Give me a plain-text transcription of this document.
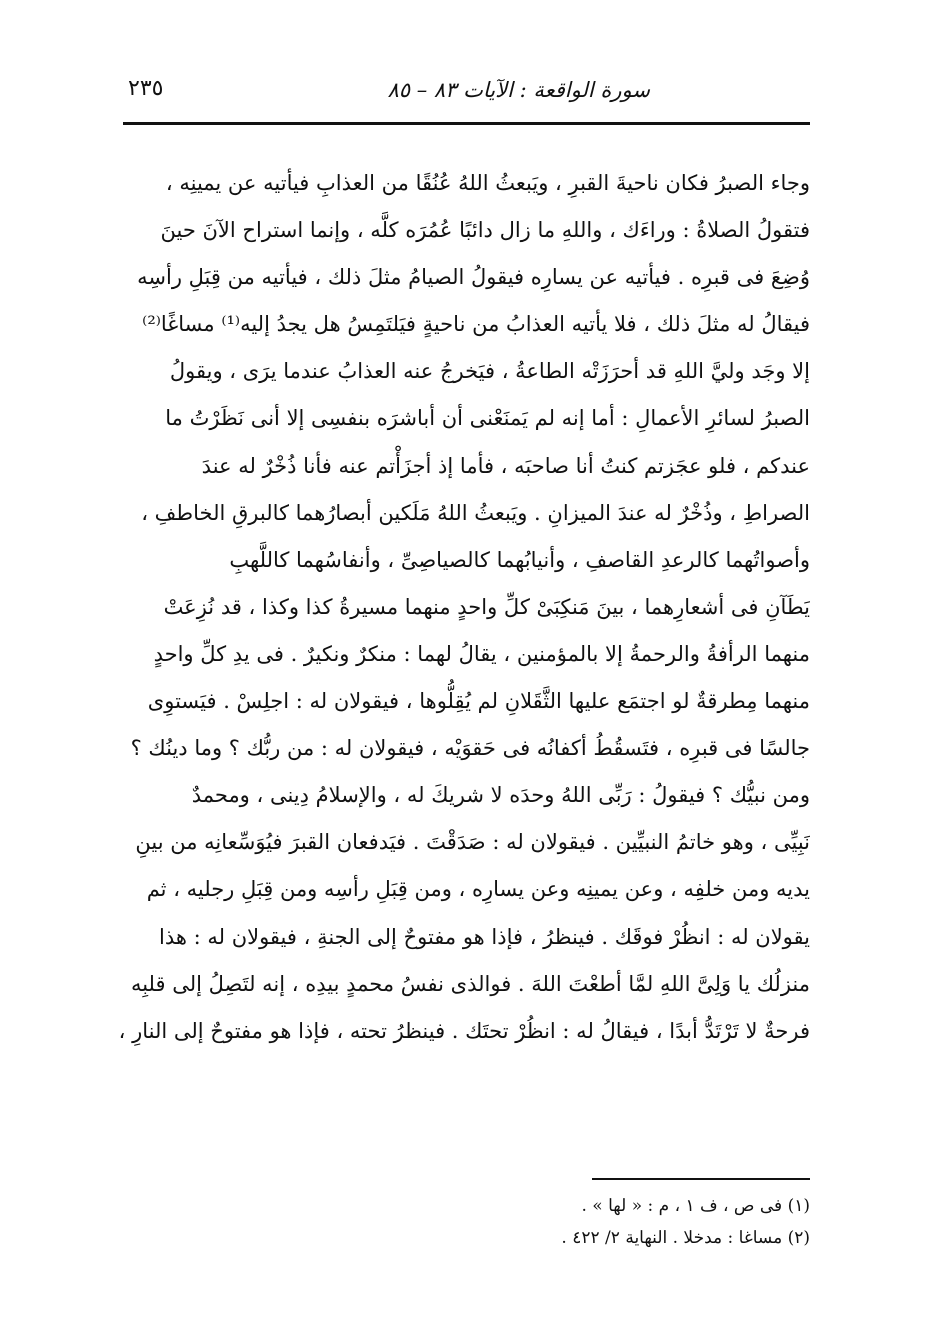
سورة الواقعة : الآيات ٨٣ – ٨٥
٢٣٥
وجاء الصبرُ فكان ناحيةَ القبرِ ، ويَبعثُ اللهُ عُنُقًا من العذابِ فيأتيه عن يمينِه ،
فتقولُ الصلاةُ : وراءَك ، واللهِ ما زال دائبًا عُمُرَه كلَّه ، وإنما استراح الآنَ حينَ
وُضِعَ فى قبرِه . فيأتيه عن يسارِه فيقولُ الصيامُ مثلَ ذلك ، فيأتيه من قِبَلِ رأسِه
فيقالُ له مثلَ ذلك ، فلا يأتيه العذابُ من ناحيةٍ فيَلتَمِسُ هل يجدُ إليه⁽¹⁾ مساغًا⁽²⁾
إلا وجَد وليَّ اللهِ قد أحرَزَتْه الطاعةُ ، فيَخرجُ عنه العذابُ عندما يرَى ، ويقولُ
الصبرُ لسائرِ الأعمالِ : أما إنه لم يَمنَعْنى أن أباشرَه بنفسِى إلا أنى نَظَرْتُ ما
عندكم ، فلو عجَزتم كنتُ أنا صاحبَه ، فأما إذ أجزَأْتم عنه فأنا ذُخْرٌ له عندَ
الصراطِ ، وذُخْرٌ له عندَ الميزانِ . ويَبعثُ اللهُ مَلَكين أبصارُهما كالبرقِ الخاطفِ ،
وأصواتُهما كالرعدِ القاصفِ ، وأنيابُهما كالصياصِىِّ ، وأنفاسُهما كاللَّهبِ
يَطَآنِ فى أشعارِهما ، بينَ مَنكِبَىْ كلِّ واحدٍ منهما مسيرةُ كذا وكذا ، قد نُزِعَتْ
منهما الرأفةُ والرحمةُ إلا بالمؤمنين ، يقالُ لهما : منكرٌ ونكيرٌ . فى يدِ كلِّ واحدٍ
منهما مِطرقةٌ لو اجتمَع عليها الثَّقَلانِ لم يُقِلُّوها ، فيقولان له : اجلِسْ . فيَستوِى
جالسًا فى قبرِه ، فتَسقُطُ أكفانُه فى حَقوَيْه ، فيقولان له : من ربُّك ؟ وما دينُك ؟
ومن نبيُّك ؟ فيقولُ : رَبِّى اللهُ وحدَه لا شريكَ له ، والإسلامُ دِينى ، ومحمدٌ
نَبِيِّى ، وهو خاتمُ النبيِّين . فيقولان له : صَدَقْتَ . فيَدفعان القبرَ فيُوَسِّعانِه من بينِ
يديه ومن خلفِه ، وعن يمينِه وعن يسارِه ، ومن قِبَلِ رأسِه ومن قِبَلِ رجليه ، ثم
يقولان له : انظُرْ فوقَك . فينظرُ ، فإذا هو مفتوحٌ إلى الجنةِ ، فيقولان له : هذا
منزلُك يا وَلِىَّ اللهِ لمَّا أطعْتَ اللهَ . فوالذى نفسُ محمدٍ بيدِه ، إنه لتَصِلُ إلى قلبِه
فرحةٌ لا تَرْتَدُّ أبدًا ، فيقالُ له : انظُرْ تحتَك . فينظرُ تحته ، فإذا هو مفتوحٌ إلى النارِ ،
(١) فى ص ، ف ١ ، م : « لها » .
(٢) مساغا : مدخلا . النهاية ٢/ ٤٢٢ .
